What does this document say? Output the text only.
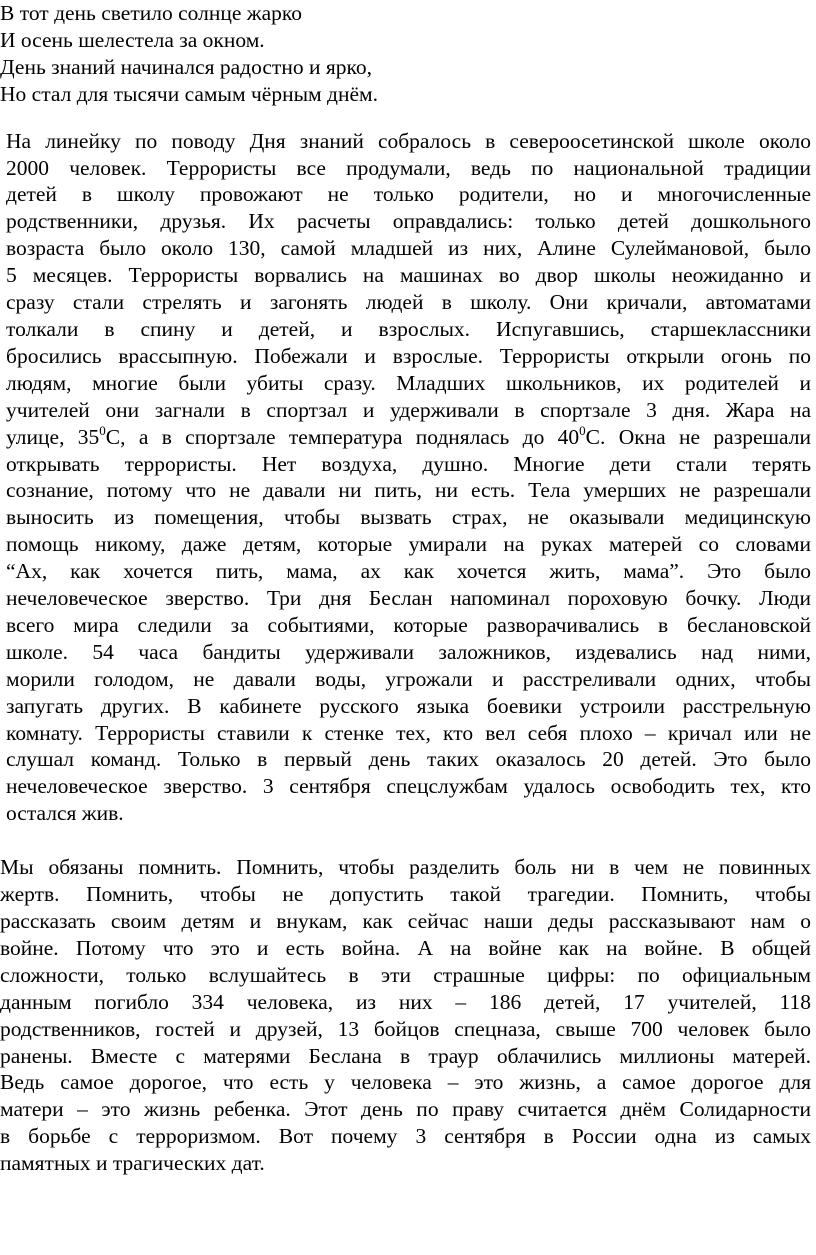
В тот день светило солнце жарко
И осень шелестела за окном.
День знаний начинался радостно и ярко,
Но стал для тысячи самым чёрным днём.
На линейку по поводу Дня знаний собралось в североосетинской школе около
2000 человек. Террористы все продумали, ведь по национальной традиции
детей в школу провожают не только родители, но и многочисленные
родственники, друзья. Их расчеты оправдались: только детей дошкольного
возраста было около 130, самой младшей из них, Алине Сулеймановой, было
5 месяцев. Террористы ворвались на машинах во двор школы неожиданно и
сразу стали стрелять и загонять людей в школу. Они кричали, автоматами
толкали в спину и детей, и взрослых. Испугавшись, старшеклассники
бросились врассыпную. Побежали и взрослые. Террористы открыли огонь по
людям, многие были убиты сразу. Младших школьников, их родителей и
учителей они загнали в спортзал и удерживали в спортзале 3 дня. Жара на
улице, $35^0С$, а в спортзале температура поднялась до $40^0С$. Окна не разрешали
открывать террористы. Нет воздуха, душно. Многие дети стали терять
сознание, потому что не давали ни пить, ни есть. Тела умерших не разрешали
выносить из помещения, чтобы вызвать страх, не оказывали медицинскую
помощь никому, даже детям, которые умирали на руках матерей со словами
“Ах, как хочется пить, мама, ах как хочется жить, мама”. Это было
нечеловеческое зверство. Три дня Беслан напоминал пороховую бочку. Люди
всего мира следили за событиями, которые разворачивались в беслановской
школе. 54 часа бандиты удерживали заложников, издевались над ними,
морили голодом, не давали воды, угрожали и расстреливали одних, чтобы
запугать других. В кабинете русского языка боевики устроили расстрельную
комнату. Террористы ставили к стенке тех, кто вел себя плохо – кричал или не
слушал команд. Только в первый день таких оказалось 20 детей. Это было
нечеловеческое зверство. 3 сентября спецслужбам удалось освободить тех, кто
остался жив.
Мы обязаны помнить. Помнить, чтобы разделить боль ни в чем не повинных
жертв. Помнить, чтобы не допустить такой трагедии. Помнить, чтобы
рассказать своим детям и внукам, как сейчас наши деды рассказывают нам о
войне. Потому что это и есть война. А на войне как на войне. В общей
сложности, только вслушайтесь в эти страшные цифры: по официальным
данным погибло 334 человека, из них – 186 детей, 17 учителей, 118
родственников, гостей и друзей, 13 бойцов спецназа, свыше 700 человек было
ранены. Вместе с матерями Беслана в траур облачились миллионы матерей.
Ведь самое дорогое, что есть у человека – это жизнь, а самое дорогое для
матери – это жизнь ребенка. Этот день по праву считается днём Солидарности
в борьбе с терроризмом. Вот почему 3 сентября в России одна из самых
памятных и трагических дат.
